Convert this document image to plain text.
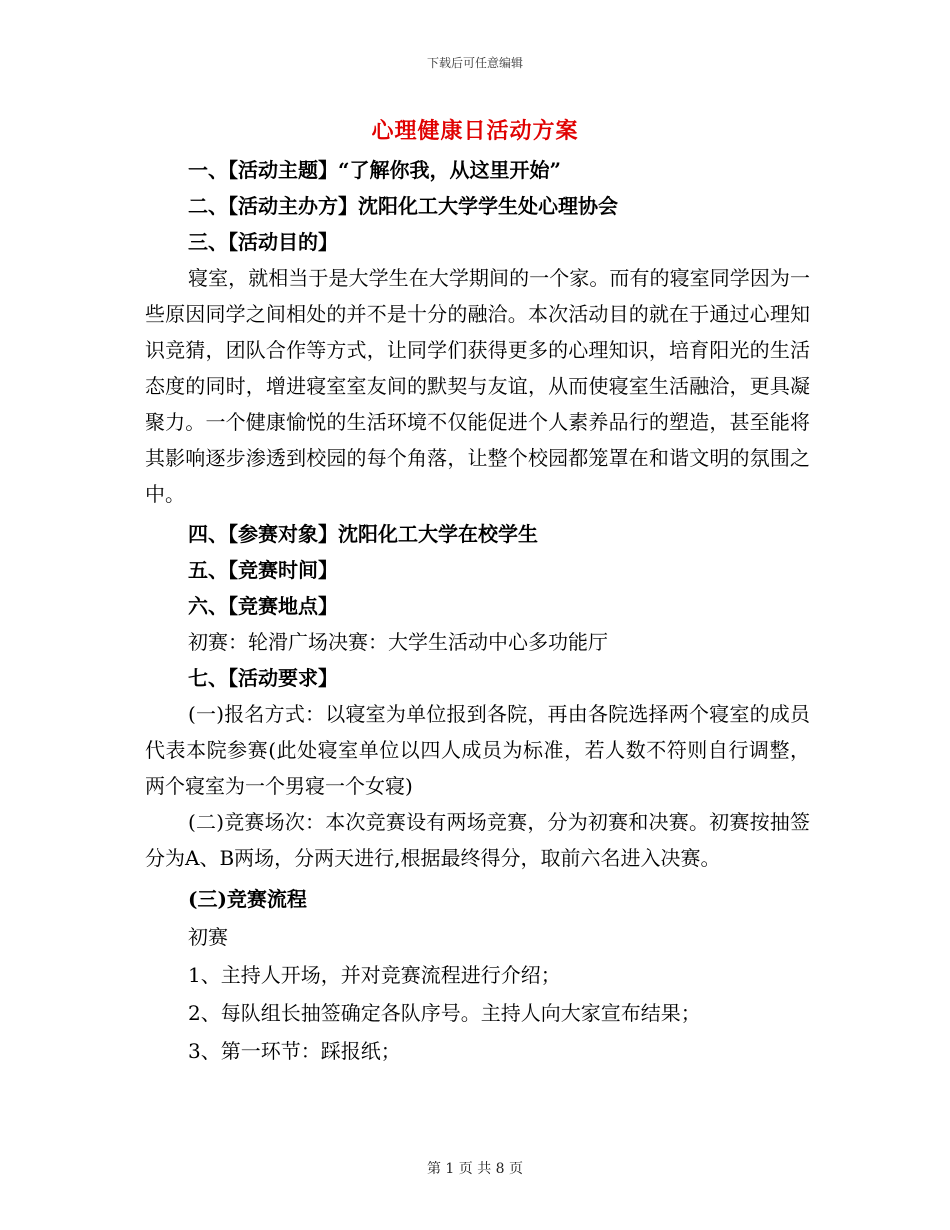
下载后可任意编辑
心理健康日活动方案
一、【活动主题】“了解你我，从这里开始”
二、【活动主办方】沈阳化工大学学生处心理协会
三、【活动目的】
寝室，就相当于是大学生在大学期间的一个家。而有的寝室同学因为一些原因同学之间相处的并不是十分的融洽。本次活动目的就在于通过心理知识竞猜，团队合作等方式，让同学们获得更多的心理知识，培育阳光的生活态度的同时，增进寝室室友间的默契与友谊，从而使寝室生活融洽，更具凝聚力。一个健康愉悦的生活环境不仅能促进个人素养品行的塑造，甚至能将其影响逐步渗透到校园的每个角落，让整个校园都笼罩在和谐文明的氛围之中。
四、【参赛对象】沈阳化工大学在校学生
五、【竞赛时间】
六、【竞赛地点】
初赛：轮滑广场决赛：大学生活动中心多功能厅
七、【活动要求】
(一)报名方式：以寝室为单位报到各院，再由各院选择两个寝室的成员代表本院参赛(此处寝室单位以四人成员为标准，若人数不符则自行调整，两个寝室为一个男寝一个女寝)
(二)竞赛场次：本次竞赛设有两场竞赛，分为初赛和决赛。初赛按抽签分为A、B两场，分两天进行,根据最终得分，取前六名进入决赛。
(三)竞赛流程
初赛
1、主持人开场，并对竞赛流程进行介绍；
2、每队组长抽签确定各队序号。主持人向大家宣布结果；
3、第一环节：踩报纸；
第 1 页 共 8 页
